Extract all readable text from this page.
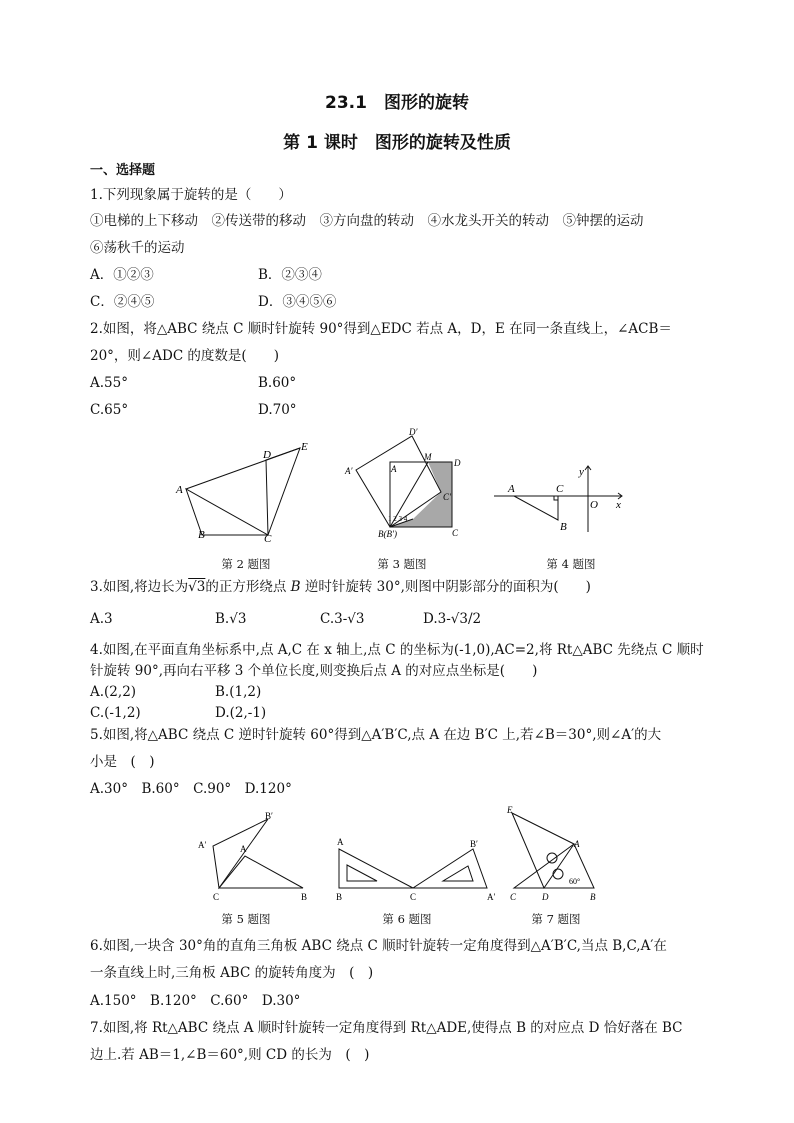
23.1　图形的旋转
第 1 课时　图形的旋转及性质
一、选择题
1.下列现象属于旋转的是（　　）
①电梯的上下移动　②传送带的移动　③方向盘的转动　④水龙头开关的转动　⑤钟摆的运动
⑥荡秋千的运动
A．①②③	B．②③④
C．②④⑤	D．③④⑤⑥
2.如图，将△ABC 绕点 C 顺时针旋转 90°得到△EDC 若点 A，D，E 在同一条直线上，∠ACB＝
20°，则∠ADC 的度数是(　　)
A.55°	B.60°
C.65°	D.70°
A
B	C
D
E
D′
A′	A
M
D
C′
1 2 3 4
B(B′)	C
y
A	C
O x
B
第 2 题图	第 3 题图	第 4 题图
3.如图,将边长为√3的正方形绕点 B 逆时针旋转 30°,则图中阴影部分的面积为(　　)
A.3	B.√3	C.3-√3	D.3-√3/2
4.如图,在平面直角坐标系中,点 A,C 在 x 轴上,点 C 的坐标为(-1,0),AC=2,将 Rt△ABC 先绕点 C 顺时
针旋转 90°,再向右平移 3 个单位长度,则变换后点 A 的对应点坐标是(　　)
A.(2,2)	B.(1,2)
C.(-1,2)	D.(2,-1)
5.如图,将△ABC 绕点 C 逆时针旋转 60°得到△A′B′C,点 A 在边 B′C 上,若∠B＝30°,则∠A′的大
小是　(　)
A.30°　B.60°　C.90°　D.120°
A′
B′
A
C	B
A	B′
B	C	A′
E
A
60°
C	D	B
第 5 题图	第 6 题图	第 7 题图
6.如图,一块含 30°角的直角三角板 ABC 绕点 C 顺时针旋转一定角度得到△A′B′C,当点 B,C,A′在
一条直线上时,三角板 ABC 的旋转角度为　(　)
A.150°　B.120°　C.60°　D.30°
7.如图,将 Rt△ABC 绕点 A 顺时针旋转一定角度得到 Rt△ADE,使得点 B 的对应点 D 恰好落在 BC
边上.若 AB＝1,∠B＝60°,则 CD 的长为　(　)
